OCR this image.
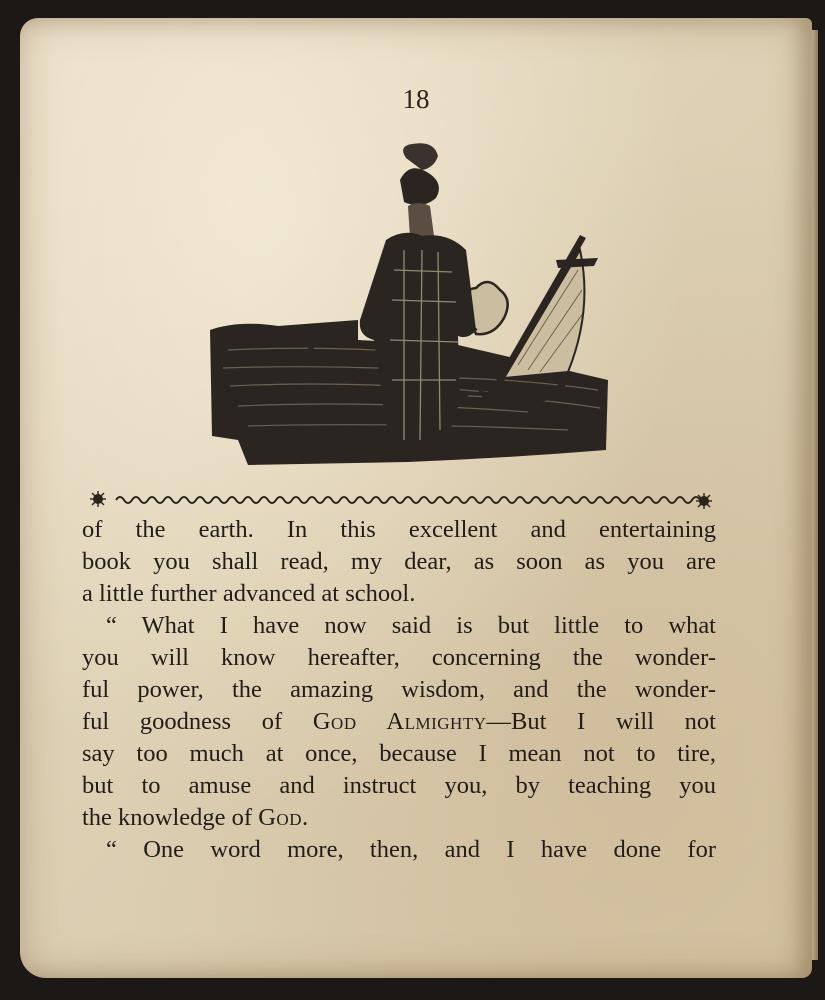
18
of the earth. In this excellent and entertaining
book you shall read, my dear, as soon as you are
a little further advanced at school.
“ What I have now said is but little to what
you will know hereafter, concerning the wonder-
ful power, the amazing wisdom, and the wonder-
ful goodness of God Almighty—But I will not
say too much at once, because I mean not to tire,
but to amuse and instruct you, by teaching you
the knowledge of God.
“ One word more, then, and I have done for
